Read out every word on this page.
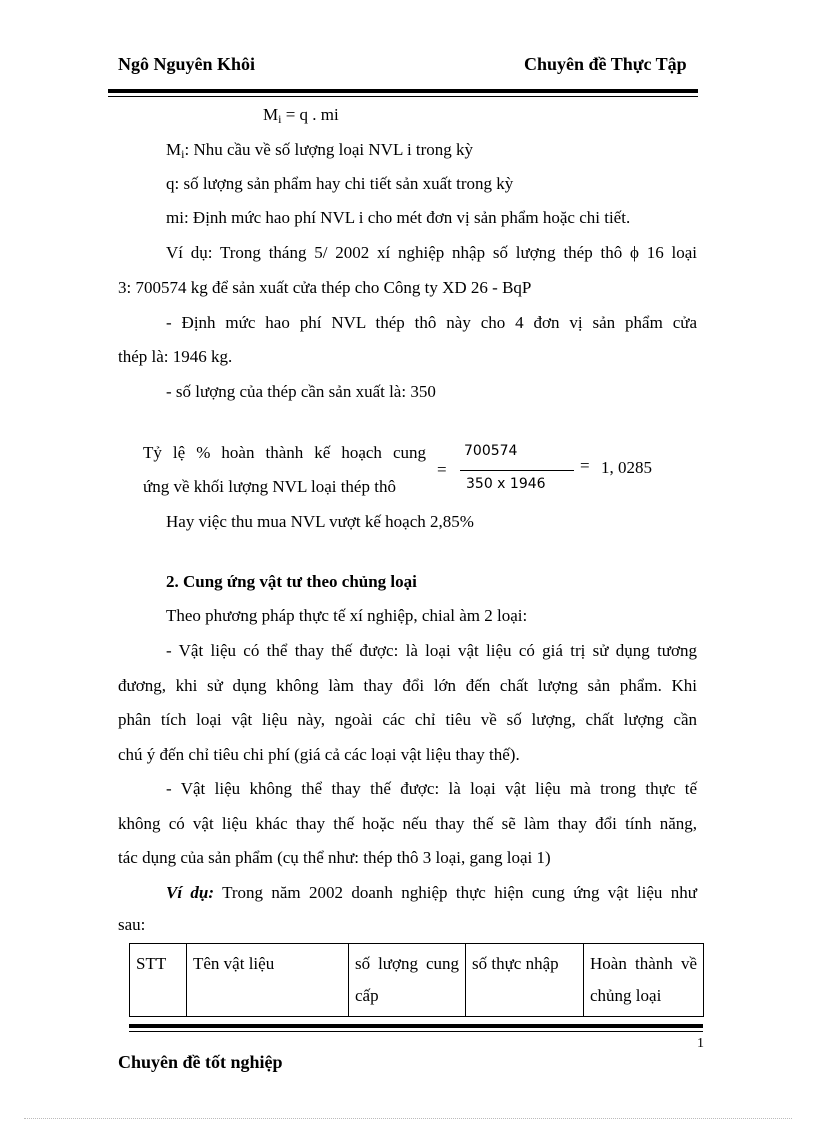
Ngô Nguyên Khôi	Chuyên đề Thực Tập
$M_i = q$ . mi
$M_i$: Nhu cầu về số lượng loại NVL i trong kỳ
q: số lượng sản phẩm hay chi tiết sản xuất trong kỳ
mi: Định mức hao phí NVL i cho mét đơn vị sản phẩm hoặc chi tiết.
Ví dụ: Trong tháng 5/ 2002 xí nghiệp nhập số lượng thép thô ϕ 16 loại
3: 700574 kg để sản xuất cửa thép cho Công ty XD 26 - BqP
- Định mức hao phí NVL thép thô này cho 4 đơn vị sản phẩm cửa
thép là: 1946 kg.
- số lượng của thép cần sản xuất là: 350
Tỷ lệ % hoàn thành kế hoạch cung
ứng về khối lượng NVL loại thép thô
=
700574
350 x 1946
= 1, 0285
Hay việc thu mua NVL vượt kế hoạch 2,85%
2. Cung ứng vật tư theo chủng loại
Theo phương pháp thực tế xí nghiệp, chial àm 2 loại:
- Vật liệu có thể thay thế được: là loại vật liệu có giá trị sử dụng tương
đương, khi sử dụng không làm thay đổi lớn đến chất lượng sản phẩm. Khi
phân tích loại vật liệu này, ngoài các chỉ tiêu về số lượng, chất lượng cần
chú ý đến chỉ tiêu chi phí (giá cả các loại vật liệu thay thế).
- Vật liệu không thể thay thế được: là loại vật liệu mà trong thực tế
không có vật liệu khác thay thế hoặc nếu thay thế sẽ làm thay đổi tính năng,
tác dụng của sản phẩm (cụ thể như: thép thô 3 loại, gang loại 1)
Ví dụ: Trong năm 2002 doanh nghiệp thực hiện cung ứng vật liệu như
sau:
STT	Tên vật liệu	số lượng cung cấp	số thực nhập	Hoàn thành về chủng loại
1
Chuyên đề tốt nghiệp
